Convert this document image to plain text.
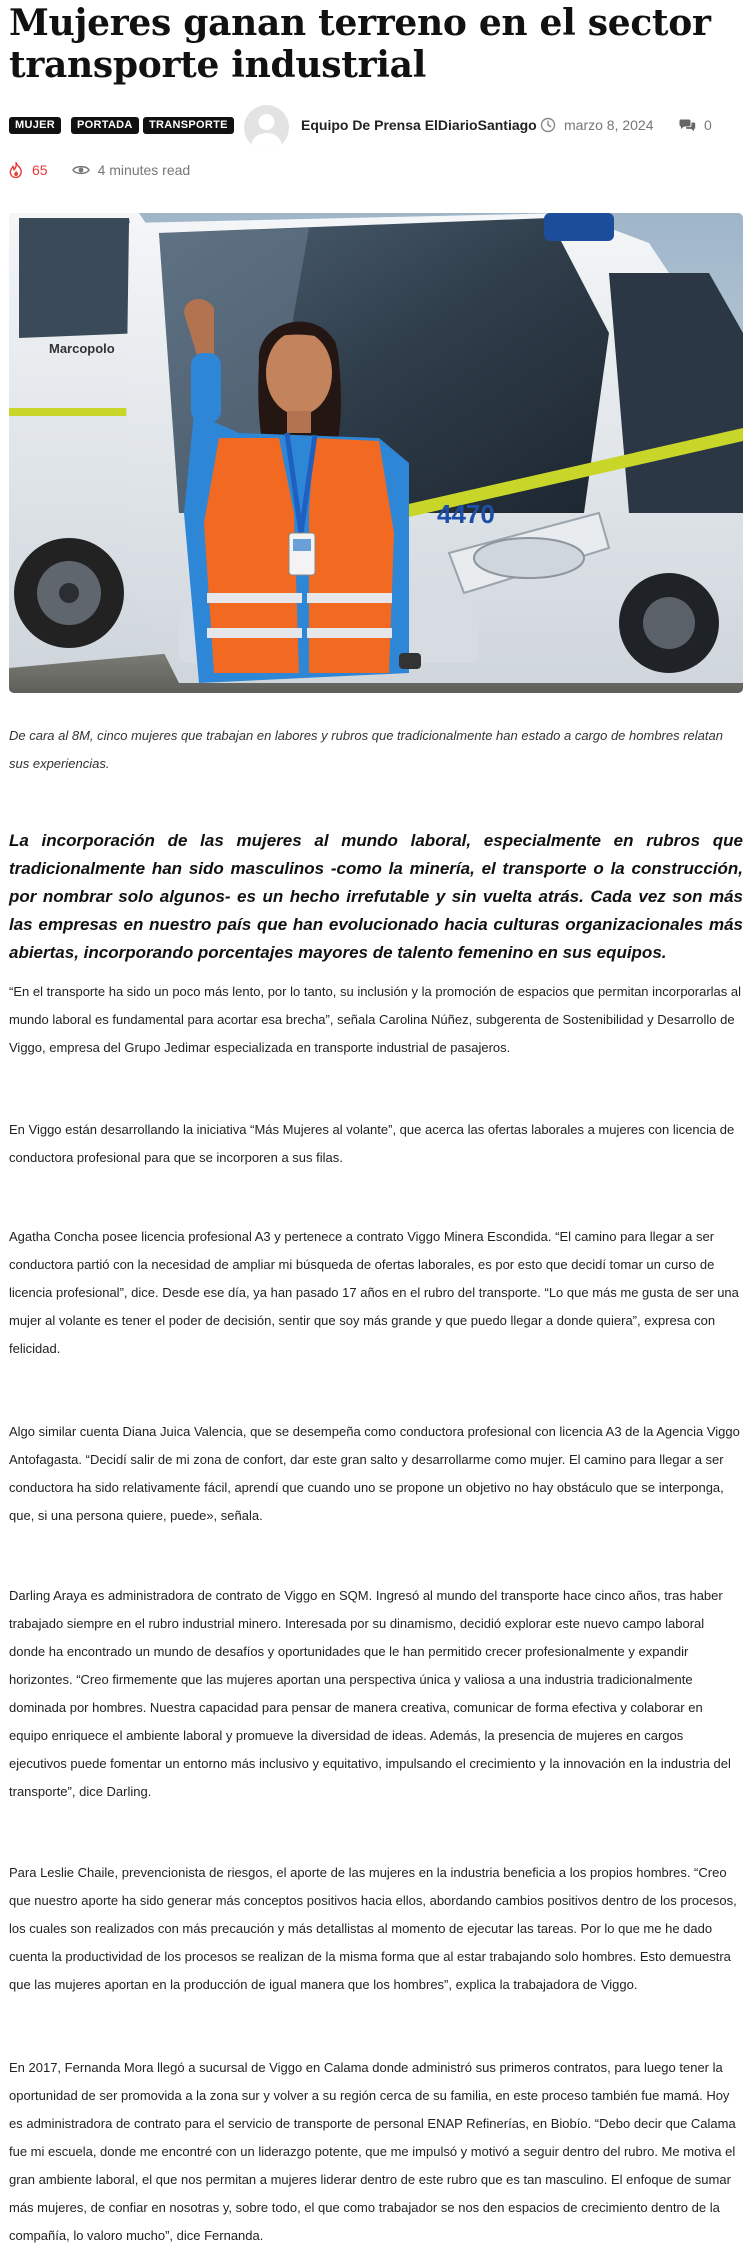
Mujeres ganan terreno en el sector transporte industrial
MUJER	PORTADA	TRANSPORTE	Equipo De Prensa ElDiarioSantiago marzo 8, 2024	0
65	4 minutes read
Marcopolo
4470

De cara al 8M, cinco mujeres que trabajan en labores y rubros que tradicionalmente han estado a cargo de hombres relatan sus experiencias.

La incorporación de las mujeres al mundo laboral, especialmente en rubros que tradicionalmente han sido masculinos -como la minería, el transporte o la construcción, por nombrar solo algunos- es un hecho irrefutable y sin vuelta atrás. Cada vez son más las empresas en nuestro país que han evolucionado hacia culturas organizacionales más abiertas, incorporando porcentajes mayores de talento femenino en sus equipos.

“En el transporte ha sido un poco más lento, por lo tanto, su inclusión y la promoción de espacios que permitan incorporarlas al mundo laboral es fundamental para acortar esa brecha”, señala Carolina Núñez, subgerenta de Sostenibilidad y Desarrollo de Viggo, empresa del Grupo Jedimar especializada en transporte industrial de pasajeros.

En Viggo están desarrollando la iniciativa “Más Mujeres al volante”, que acerca las ofertas laborales a mujeres con licencia de conductora profesional para que se incorporen a sus filas.

Agatha Concha posee licencia profesional A3 y pertenece a contrato Viggo Minera Escondida. “El camino para llegar a ser conductora partió con la necesidad de ampliar mi búsqueda de ofertas laborales, es por esto que decidí tomar un curso de licencia profesional”, dice. Desde ese día, ya han pasado 17 años en el rubro del transporte. “Lo que más me gusta de ser una mujer al volante es tener el poder de decisión, sentir que soy más grande y que puedo llegar a donde quiera”, expresa con felicidad.

Algo similar cuenta Diana Juica Valencia, que se desempeña como conductora profesional con licencia A3 de la Agencia Viggo Antofagasta. “Decidí salir de mi zona de confort, dar este gran salto y desarrollarme como mujer. El camino para llegar a ser conductora ha sido relativamente fácil, aprendí que cuando uno se propone un objetivo no hay obstáculo que se interponga, que, si una persona quiere, puede», señala.

Darling Araya es administradora de contrato de Viggo en SQM. Ingresó al mundo del transporte hace cinco años, tras haber trabajado siempre en el rubro industrial minero. Interesada por su dinamismo, decidió explorar este nuevo campo laboral donde ha encontrado un mundo de desafíos y oportunidades que le han permitido crecer profesionalmente y expandir horizontes. “Creo firmemente que las mujeres aportan una perspectiva única y valiosa a una industria tradicionalmente dominada por hombres. Nuestra capacidad para pensar de manera creativa, comunicar de forma efectiva y colaborar en equipo enriquece el ambiente laboral y promueve la diversidad de ideas. Además, la presencia de mujeres en cargos ejecutivos puede fomentar un entorno más inclusivo y equitativo, impulsando el crecimiento y la innovación en la industria del transporte”, dice Darling.

Para Leslie Chaile, prevencionista de riesgos, el aporte de las mujeres en la industria beneficia a los propios hombres. “Creo que nuestro aporte ha sido generar más conceptos positivos hacia ellos, abordando cambios positivos dentro de los procesos, los cuales son realizados con más precaución y más detallistas al momento de ejecutar las tareas. Por lo que me he dado cuenta la productividad de los procesos se realizan de la misma forma que al estar trabajando solo hombres. Esto demuestra que las mujeres aportan en la producción de igual manera que los hombres”, explica la trabajadora de Viggo.

En 2017, Fernanda Mora llegó a sucursal de Viggo en Calama donde administró sus primeros contratos, para luego tener la oportunidad de ser promovida a la zona sur y volver a su región cerca de su familia, en este proceso también fue mamá. Hoy es administradora de contrato para el servicio de transporte de personal ENAP Refinerías, en Biobío. “Debo decir que Calama fue mi escuela, donde me encontré con un liderazgo potente, que me impulsó y motivó a seguir dentro del rubro. Me motiva el gran ambiente laboral, el que nos permitan a mujeres liderar dentro de este rubro que es tan masculino. El enfoque de sumar más mujeres, de confiar en nosotras y, sobre todo, el que como trabajador se nos den espacios de crecimiento dentro de la compañía, lo valoro mucho”, dice Fernanda.
